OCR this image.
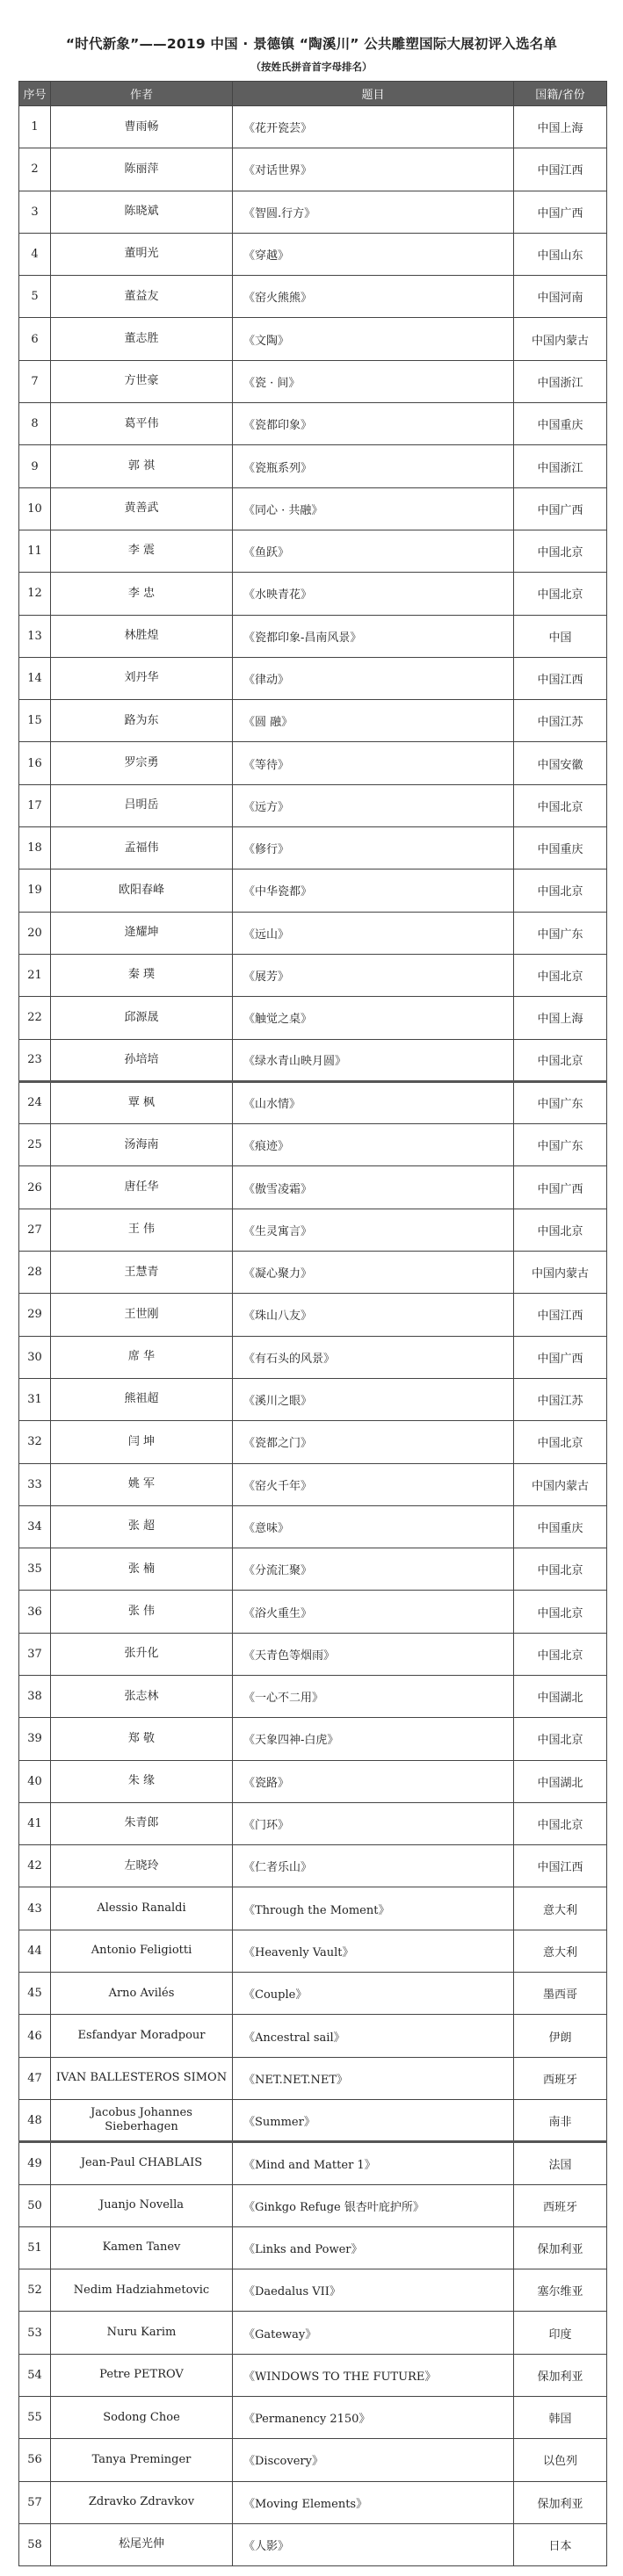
“时代新象”——2019 中国 · 景德镇 “陶溪川” 公共雕塑国际大展初评入选名单
（按姓氏拼音首字母排名）
序号	作者	题目	国籍/省份
1	曹雨畅	《花开瓷芸》	中国上海
2	陈丽萍	《对话世界》	中国江西
3	陈晓斌	《智圆.行方》	中国广西
4	董明光	《穿越》	中国山东
5	董益友	《窑火熊熊》	中国河南
6	董志胜	《文陶》	中国内蒙古
7	方世豪	《瓷 · 间》	中国浙江
8	葛平伟	《瓷都印象》	中国重庆
9	郭 祺	《瓷瓶系列》	中国浙江
10	黄善武	《同心 · 共融》	中国广西
11	李 震	《鱼跃》	中国北京
12	李 忠	《水映青花》	中国北京
13	林胜煌	《瓷都印象-昌南风景》	中国
14	刘丹华	《律动》	中国江西
15	路为东	《圆 融》	中国江苏
16	罗宗勇	《等待》	中国安徽
17	吕明岳	《远方》	中国北京
18	孟福伟	《修行》	中国重庆
19	欧阳春峰	《中华瓷都》	中国北京
20	逄耀坤	《远山》	中国广东
21	秦 璞	《展芳》	中国北京
22	邱源晟	《触觉之桌》	中国上海
23	孙培培	《绿水青山映月圆》	中国北京
24	覃 枫	《山水情》	中国广东
25	汤海南	《痕迹》	中国广东
26	唐任华	《傲雪凌霜》	中国广西
27	王 伟	《生灵寓言》	中国北京
28	王慧青	《凝心聚力》	中国内蒙古
29	王世刚	《珠山八友》	中国江西
30	席 华	《有石头的风景》	中国广西
31	熊祖超	《溪川之眼》	中国江苏
32	闫 坤	《瓷都之门》	中国北京
33	姚 军	《窑火千年》	中国内蒙古
34	张 超	《意味》	中国重庆
35	张 楠	《分流汇聚》	中国北京
36	张 伟	《浴火重生》	中国北京
37	张升化	《天青色等烟雨》	中国北京
38	张志林	《一心不二用》	中国湖北
39	郑 敬	《天象四神-白虎》	中国北京
40	朱 缘	《瓷路》	中国湖北
41	朱青郎	《门环》	中国北京
42	左晓玲	《仁者乐山》	中国江西
43	Alessio Ranaldi	《Through the Moment》	意大利
44	Antonio Feligiotti	《Heavenly Vault》	意大利
45	Arno Avilés	《Couple》	墨西哥
46	Esfandyar Moradpour	《Ancestral sail》	伊朗
47	IVAN BALLESTEROS SIMON	《NET.NET.NET》	西班牙
48	Jacobus Johannes Sieberhagen	《Summer》	南非
49	Jean-Paul CHABLAIS	《Mind and Matter 1》	法国
50	Juanjo Novella	《Ginkgo Refuge 银杏叶庇护所》	西班牙
51	Kamen Tanev	《Links and Power》	保加利亚
52	Nedim Hadziahmetovic	《Daedalus VII》	塞尔维亚
53	Nuru Karim	《Gateway》	印度
54	Petre PETROV	《WINDOWS TO THE FUTURE》	保加利亚
55	Sodong Choe	《Permanency 2150》	韩国
56	Tanya Preminger	《Discovery》	以色列
57	Zdravko Zdravkov	《Moving Elements》	保加利亚
58	松尾光伸	《人影》	日本
